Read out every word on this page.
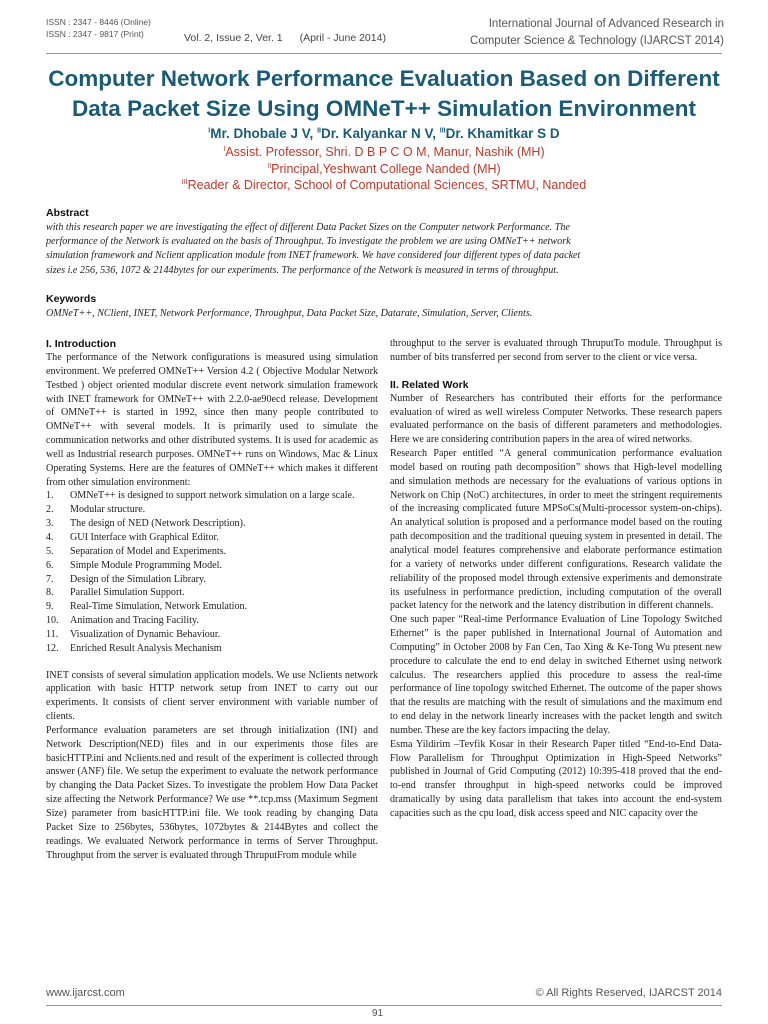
ISSN : 2347 - 8446 (Online)
ISSN : 2347 - 9817 (Print)	Vol. 2, Issue 2, Ver. 1 (April - June 2014)
International Journal of Advanced Research in
Computer Science & Technology (IJARCST 2014)
Computer Network Performance Evaluation Based on Different
Data Packet Size Using OMNeT++ Simulation Environment
$^I$Mr. Dhobale J V, $^{II}$Dr. Kalyankar N V, $^{III}$Dr. Khamitkar S D
$^I$Assist. Professor, Shri. D B P C O M, Manur, Nashik (MH)
$^{II}$Principal,Yeshwant College Nanded (MH)
$^{III}$Reader & Director, School of Computational Sciences, SRTMU, Nanded
Abstract
with this research paper we are investigating the effect of different Data Packet Sizes on the Computer network Performance. The
performance of the Network is evaluated on the basis of Throughput. To investigate the problem we are using OMNeT++ network
simulation framework and Nclient application module from INET framework. We have considered four different types of data packet
sizes i.e 256, 536, 1072 & 2144bytes for our experiments. The performance of the Network is measured in terms of throughput.
Keywords
OMNeT++, NClient, INET, Network Performance, Throughput, Data Packet Size, Datarate, Simulation, Server, Clients.
I. Introduction

The performance of the Network configurations is measured using simulation environment. We preferred OMNeT++ Version 4.2 ( Objective Modular Network Testbed ) object oriented modular discrete event network simulation framework with INET framework for OMNeT++ with 2.2.0-ae90ecd release. Development of OMNeT++ is started in 1992, since then many people contributed to OMNeT++ with several models. It is primarily used to simulate the communication networks and other distributed systems. It is used for academic as well as Industrial research purposes. OMNeT++ runs on Windows, Mac & Linux Operating Systems. Here are the features of OMNeT++ which makes it different from other simulation environment:

1. OMNeT++ is designed to support network simulation on a large scale.
2. Modular structure.
3. The design of NED (Network Description).
4. GUI Interface with Graphical Editor.
5. Separation of Model and Experiments.
6. Simple Module Programming Model.
7. Design of the Simulation Library.
8. Parallel Simulation Support.
9. Real-Time Simulation, Network Emulation.
10. Animation and Tracing Facility.
11. Visualization of Dynamic Behaviour.
12. Enriched Result Analysis Mechanism

INET consists of several simulation application models. We use Nclients network application with basic HTTP network setup from INET to carry out our experiments. It consists of client server environment with variable number of clients.

Performance evaluation parameters are set through initialization (INI) and Network Description(NED) files and in our experiments those files are basicHTTP.ini and Nclients.ned and result of the experiment is collected through answer (ANF) file. We setup the experiment to evaluate the network performance by changing the Data Packet Sizes. To investigate the problem How Data Packet size affecting the Network Performance? We use **.tcp.mss (Maximum Segment Size) parameter from basicHTTP.ini file. We took reading by changing Data Packet Size to 256bytes, 536bytes, 1072bytes & 2144Bytes and collect the readings. We evaluated Network performance in terms of Server Throughput. Throughput from the server is evaluated through ThruputFrom module while

throughput to the server is evaluated through ThruputTo module. Throughput is number of bits transferred per second from server to the client or vice versa.

II. Related Work

Number of Researchers has contributed their efforts for the performance evaluation of wired as well wireless Computer Networks. These research papers evaluated performance on the basis of different parameters and methodologies. Here we are considering contribution papers in the area of wired networks.

Research Paper entitled “A general communication performance evaluation model based on routing path decomposition” shows that High-level modelling and simulation methods are necessary for the evaluations of various options in Network on Chip (NoC) architectures, in order to meet the stringent requirements of the increasing complicated future MPSoCs(Multi-processor system-on-chips). An analytical solution is proposed and a performance model based on the routing path decomposition and the traditional queuing system in presented in detail. The analytical model features comprehensive and elaborate performance estimation for a variety of networks under different configurations. Research validate the reliability of the proposed model through extensive experiments and demonstrate its usefulness in performance prediction, including computation of the overall packet latency for the network and the latency distribution in different channels.

One such paper “Real-time Performance Evaluation of Line Topology Switched Ethernet” is the paper published in International Journal of Automation and Computing” in October 2008 by Fan Cen, Tao Xing & Ke-Tong Wu present new procedure to calculate the end to end delay in switched Ethernet using network calculus. The researchers applied this procedure to assess the real-time performance of line topology switched Ethernet. The outcome of the paper shows that the results are matching with the result of simulations and the maximum end to end delay in the network linearly increases with the packet length and switch number. These are the key factors impacting the delay.

Esma Yildirim –Tevfik Kosar in their Research Paper titled “End-to-End Data-Flow Parallelism for Throughput Optimization in High-Speed Networks” published in Journal of Grid Computing (2012) 10:395-418 proved that the end-to-end transfer throughput in high-speed networks could be improved dramatically by using data parallelism that takes into account the end-system capacities such as the cpu load, disk access speed and NIC capacity over the

www.ijarcst.com
91
© All Rights Reserved, IJARCST 2014
